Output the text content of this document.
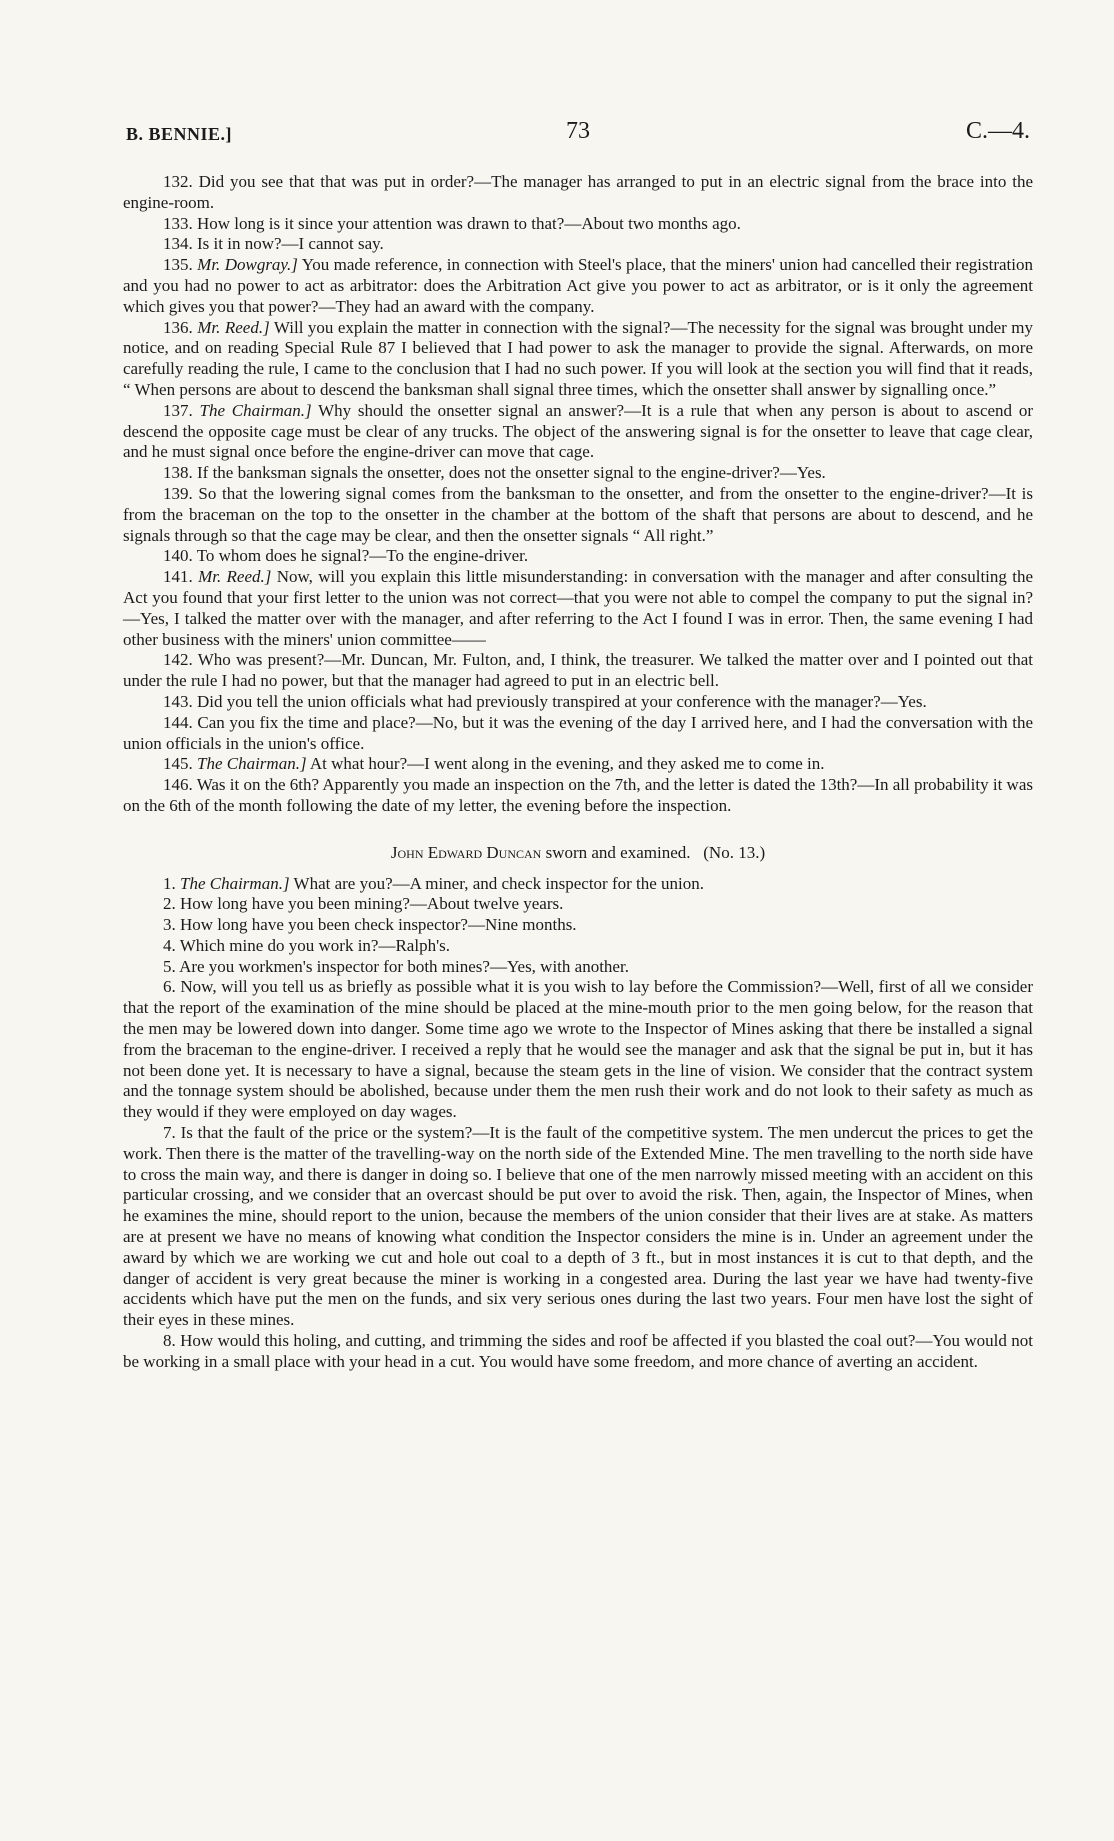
B. BENNIE.]	73	C.—4.

132. Did you see that that was put in order?—The manager has arranged to put in an electric signal from the brace into the engine-room.

133. How long is it since your attention was drawn to that?—About two months ago.

134. Is it in now?—I cannot say.

135. Mr. Dowgray.] You made reference, in connection with Steel's place, that the miners' union had cancelled their registration and you had no power to act as arbitrator: does the Arbitration Act give you power to act as arbitrator, or is it only the agreement which gives you that power?—They had an award with the company.

136. Mr. Reed.] Will you explain the matter in connection with the signal?—The necessity for the signal was brought under my notice, and on reading Special Rule 87 I believed that I had power to ask the manager to provide the signal. Afterwards, on more carefully reading the rule, I came to the conclusion that I had no such power. If you will look at the section you will find that it reads, “ When persons are about to descend the banksman shall signal three times, which the onsetter shall answer by signalling once.”

137. The Chairman.] Why should the onsetter signal an answer?—It is a rule that when any person is about to ascend or descend the opposite cage must be clear of any trucks. The object of the answering signal is for the onsetter to leave that cage clear, and he must signal once before the engine-driver can move that cage.

138. If the banksman signals the onsetter, does not the onsetter signal to the engine-driver?—Yes.

139. So that the lowering signal comes from the banksman to the onsetter, and from the onsetter to the engine-driver?—It is from the braceman on the top to the onsetter in the chamber at the bottom of the shaft that persons are about to descend, and he signals through so that the cage may be clear, and then the onsetter signals “ All right.”

140. To whom does he signal?—To the engine-driver.

141. Mr. Reed.] Now, will you explain this little misunderstanding: in conversation with the manager and after consulting the Act you found that your first letter to the union was not correct—that you were not able to compel the company to put the signal in?—Yes, I talked the matter over with the manager, and after referring to the Act I found I was in error. Then, the same evening I had other business with the miners' union committee——

142. Who was present?—Mr. Duncan, Mr. Fulton, and, I think, the treasurer. We talked the matter over and I pointed out that under the rule I had no power, but that the manager had agreed to put in an electric bell.

143. Did you tell the union officials what had previously transpired at your conference with the manager?—Yes.

144. Can you fix the time and place?—No, but it was the evening of the day I arrived here, and I had the conversation with the union officials in the union's office.

145. The Chairman.] At what hour?—I went along in the evening, and they asked me to come in.

146. Was it on the 6th? Apparently you made an inspection on the 7th, and the letter is dated the 13th?—In all probability it was on the 6th of the month following the date of my letter, the evening before the inspection.

John Edward Duncan sworn and examined. (No. 13.)

1. The Chairman.] What are you?—A miner, and check inspector for the union.

2. How long have you been mining?—About twelve years.

3. How long have you been check inspector?—Nine months.

4. Which mine do you work in?—Ralph's.

5. Are you workmen's inspector for both mines?—Yes, with another.

6. Now, will you tell us as briefly as possible what it is you wish to lay before the Commission?—Well, first of all we consider that the report of the examination of the mine should be placed at the mine-mouth prior to the men going below, for the reason that the men may be lowered down into danger. Some time ago we wrote to the Inspector of Mines asking that there be installed a signal from the braceman to the engine-driver. I received a reply that he would see the manager and ask that the signal be put in, but it has not been done yet. It is necessary to have a signal, because the steam gets in the line of vision. We consider that the contract system and the tonnage system should be abolished, because under them the men rush their work and do not look to their safety as much as they would if they were employed on day wages.

7. Is that the fault of the price or the system?—It is the fault of the competitive system. The men undercut the prices to get the work. Then there is the matter of the travelling-way on the north side of the Extended Mine. The men travelling to the north side have to cross the main way, and there is danger in doing so. I believe that one of the men narrowly missed meeting with an accident on this particular crossing, and we consider that an overcast should be put over to avoid the risk. Then, again, the Inspector of Mines, when he examines the mine, should report to the union, because the members of the union consider that their lives are at stake. As matters are at present we have no means of knowing what condition the Inspector considers the mine is in. Under an agreement under the award by which we are working we cut and hole out coal to a depth of 3 ft., but in most instances it is cut to that depth, and the danger of accident is very great because the miner is working in a congested area. During the last year we have had twenty-five accidents which have put the men on the funds, and six very serious ones during the last two years. Four men have lost the sight of their eyes in these mines.

8. How would this holing, and cutting, and trimming the sides and roof be affected if you blasted the coal out?—You would not be working in a small place with your head in a cut. You would have some freedom, and more chance of averting an accident.
